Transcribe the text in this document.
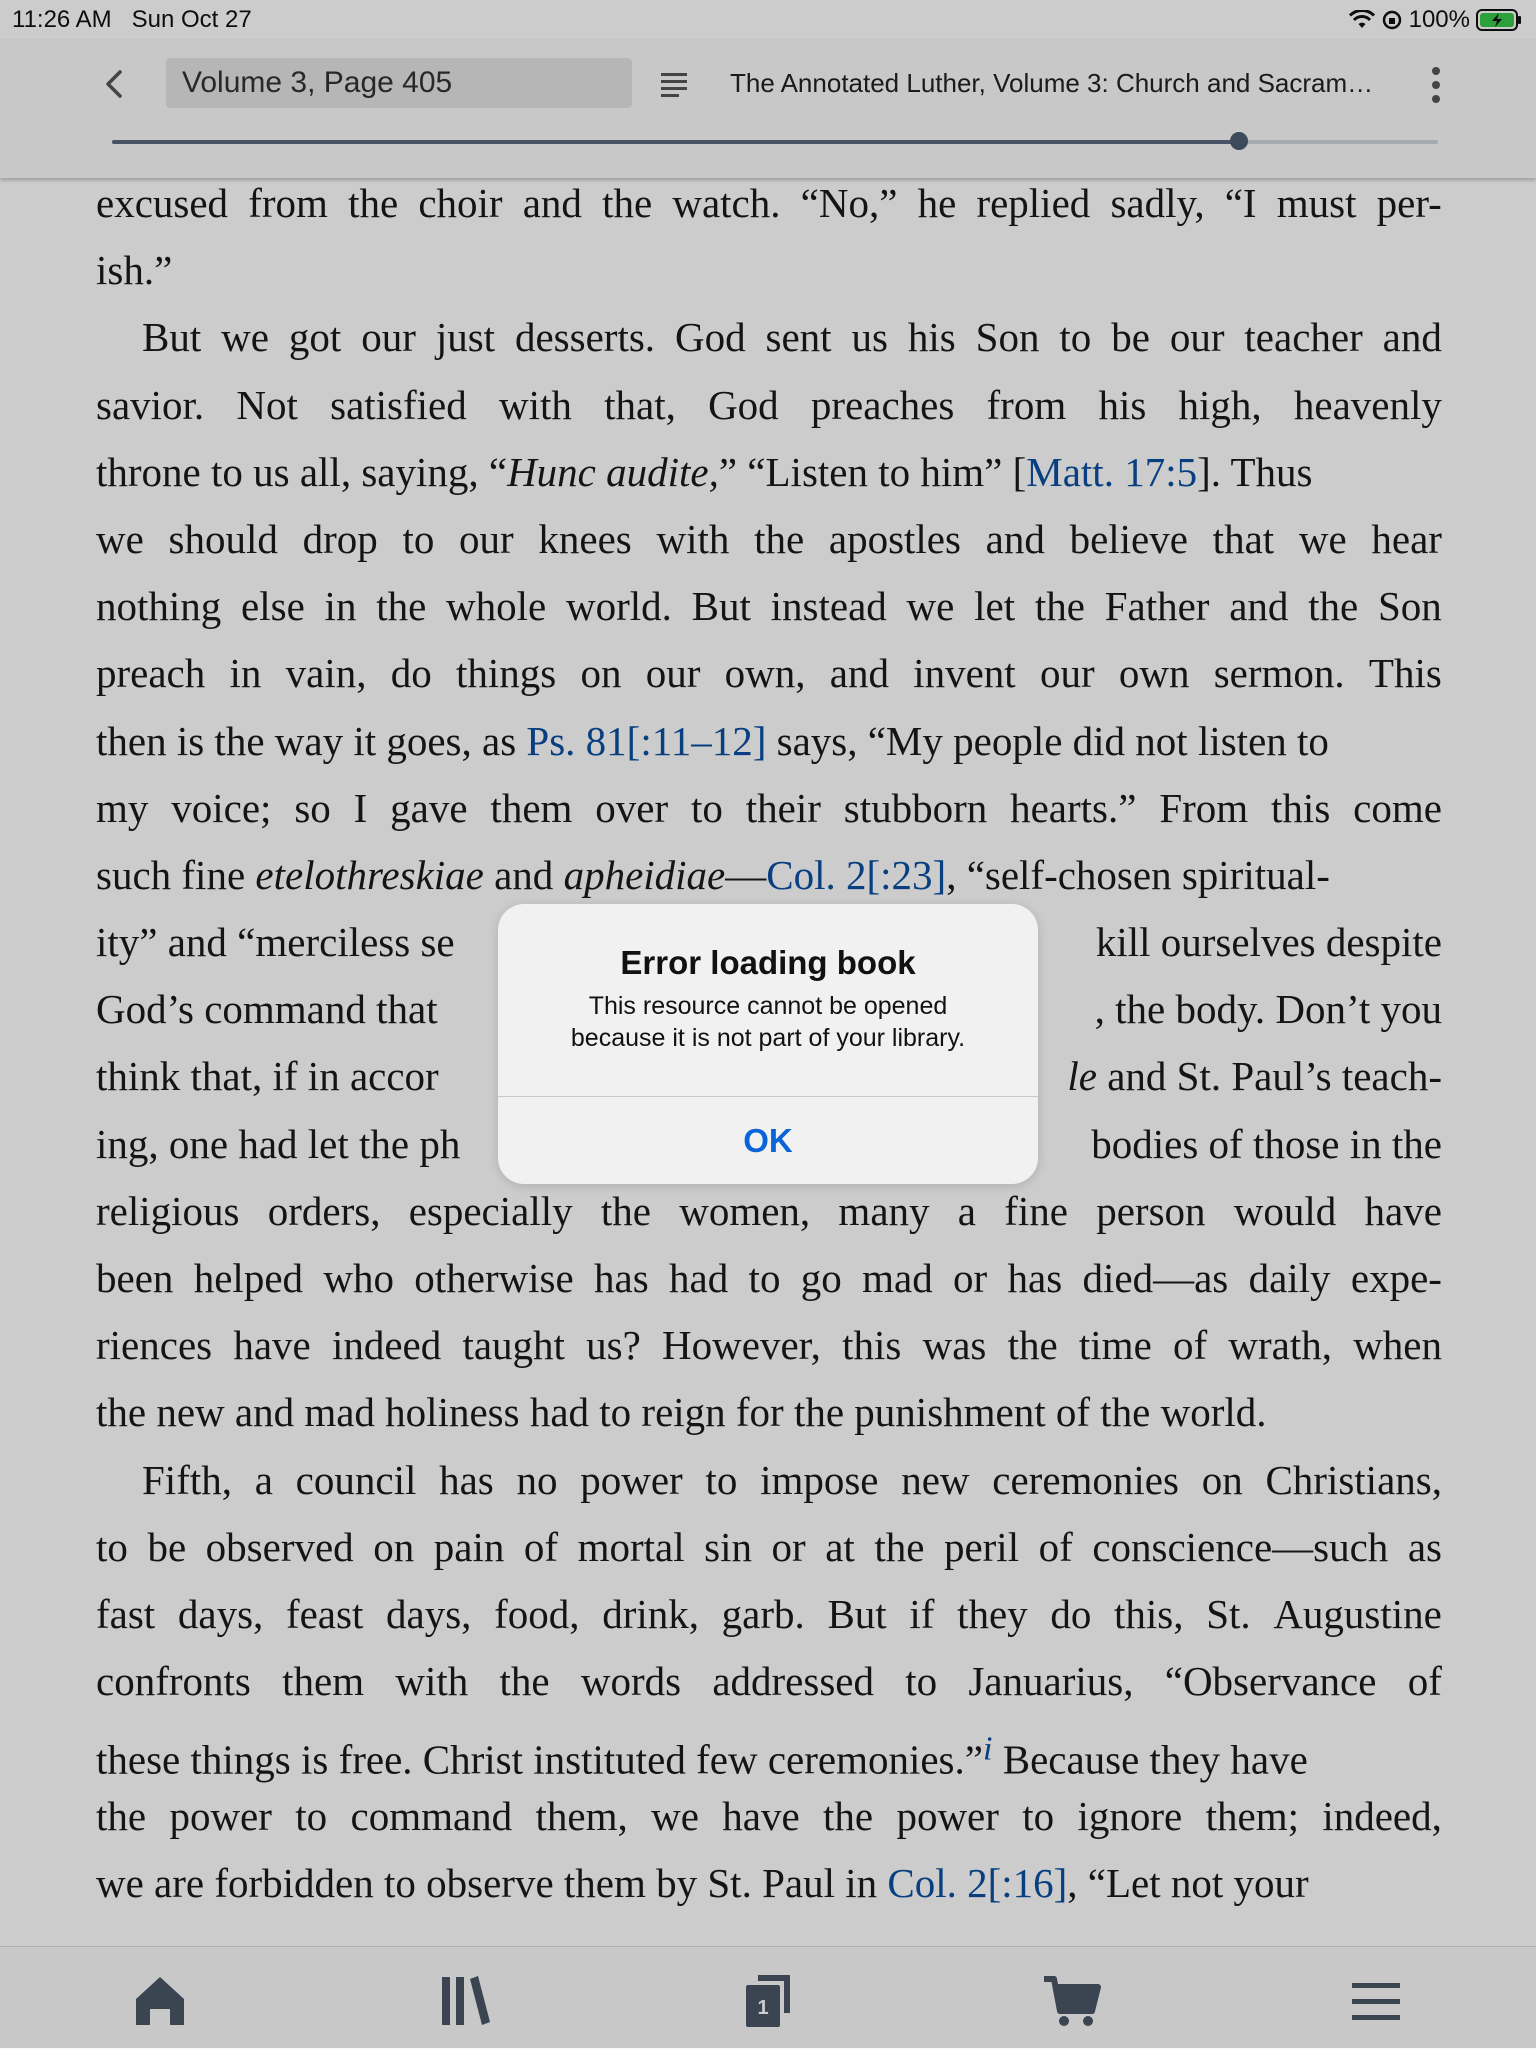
11:26 AM Sun Oct 27	100%
Volume 3, Page 405	The Annotated Luther, Volume 3: Church and Sacram…
excused from the choir and the watch. “No,” he replied sadly, “I must per-
ish.”
But we got our just desserts. God sent us his Son to be our teacher and
savior. Not satisfied with that, God preaches from his high, heavenly
throne to us all, saying, “Hunc audite,” “Listen to him” [Matt. 17:5]. Thus
we should drop to our knees with the apostles and believe that we hear
nothing else in the whole world. But instead we let the Father and the Son
preach in vain, do things on our own, and invent our own sermon. This
then is the way it goes, as Ps. 81[:11–12] says, “My people did not listen to
my voice; so I gave them over to their stubborn hearts.” From this come
such fine etelothreskiae and apheidiae—Col. 2[:23], “self-chosen spiritual-
ity” and “merciless se	kill ourselves despite
God’s command that	, the body. Don’t you
think that, if in accor	le and St. Paul’s teach-
ing, one had let the ph	bodies of those in the
religious orders, especially the women, many a fine person would have
been helped who otherwise has had to go mad or has died—as daily expe-
riences have indeed taught us? However, this was the time of wrath, when
the new and mad holiness had to reign for the punishment of the world.
Fifth, a council has no power to impose new ceremonies on Christians,
to be observed on pain of mortal sin or at the peril of conscience—such as
fast days, feast days, food, drink, garb. But if they do this, St. Augustine
confronts them with the words addressed to Januarius, “Observance of
these things is free. Christ instituted few ceremonies.”$^i$ Because they have
the power to command them, we have the power to ignore them; indeed,
we are forbidden to observe them by St. Paul in Col. 2[:16], “Let not your
1
Error loading book
This resource cannot be opened because it is not part of your library.
OK
